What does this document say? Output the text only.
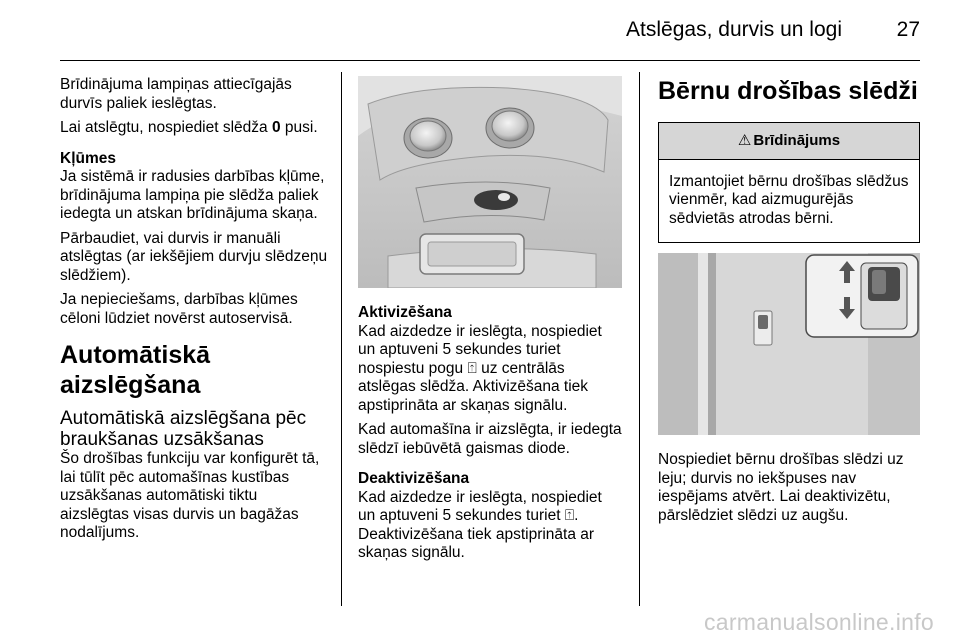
Atslēgas, durvis un logi	27

Brīdinājuma lampiņas attiecīgajās durvīs paliek ieslēgtas.

Lai atslēgtu, nospiediet slēdža 0 pusi.

Kļūmes
Ja sistēmā ir radusies darbības kļūme, brīdinājuma lampiņa pie slēdža paliek iedegta un atskan brīdinājuma skaņa.

Pārbaudiet, vai durvis ir manuāli atslēgtas (ar iekšējiem durvju slēdzeņu slēdžiem).

Ja nepieciešams, darbības kļūmes cēloni lūdziet novērst autoservisā.

Automātiskā aizslēgšana
Automātiskā aizslēgšana pēc braukšanas uzsākšanas

Šo drošības funkciju var konfigurēt tā, lai tūlīt pēc automašīnas kustības uzsākšanas automātiski tiktu aizslēgtas visas durvis un bagāžas nodalījums.

Aktivizēšana
Kad aizdedze ir ieslēgta, nospiediet un aptuveni 5 sekundes turiet nospiestu pogu ⍐ uz centrālās atslēgas slēdža. Aktivizēšana tiek apstiprināta ar skaņas signālu.

Kad automašīna ir aizslēgta, ir iedegta slēdzī iebūvētā gaismas diode.

Deaktivizēšana
Kad aizdedze ir ieslēgta, nospiediet un aptuveni 5 sekundes turiet ⍐. Deaktivizēšana tiek apstiprināta ar skaņas signālu.

Bērnu drošības slēdži
⚠ Brīdinājums
Izmantojiet bērnu drošības slēdžus vienmēr, kad aizmugurējās sēdvietās atrodas bērni.

Nospiediet bērnu drošības slēdzi uz leju; durvis no iekšpuses nav iespējams atvērt. Lai deaktivizētu, pārslēdziet slēdzi uz augšu.

carmanualsonline.info
